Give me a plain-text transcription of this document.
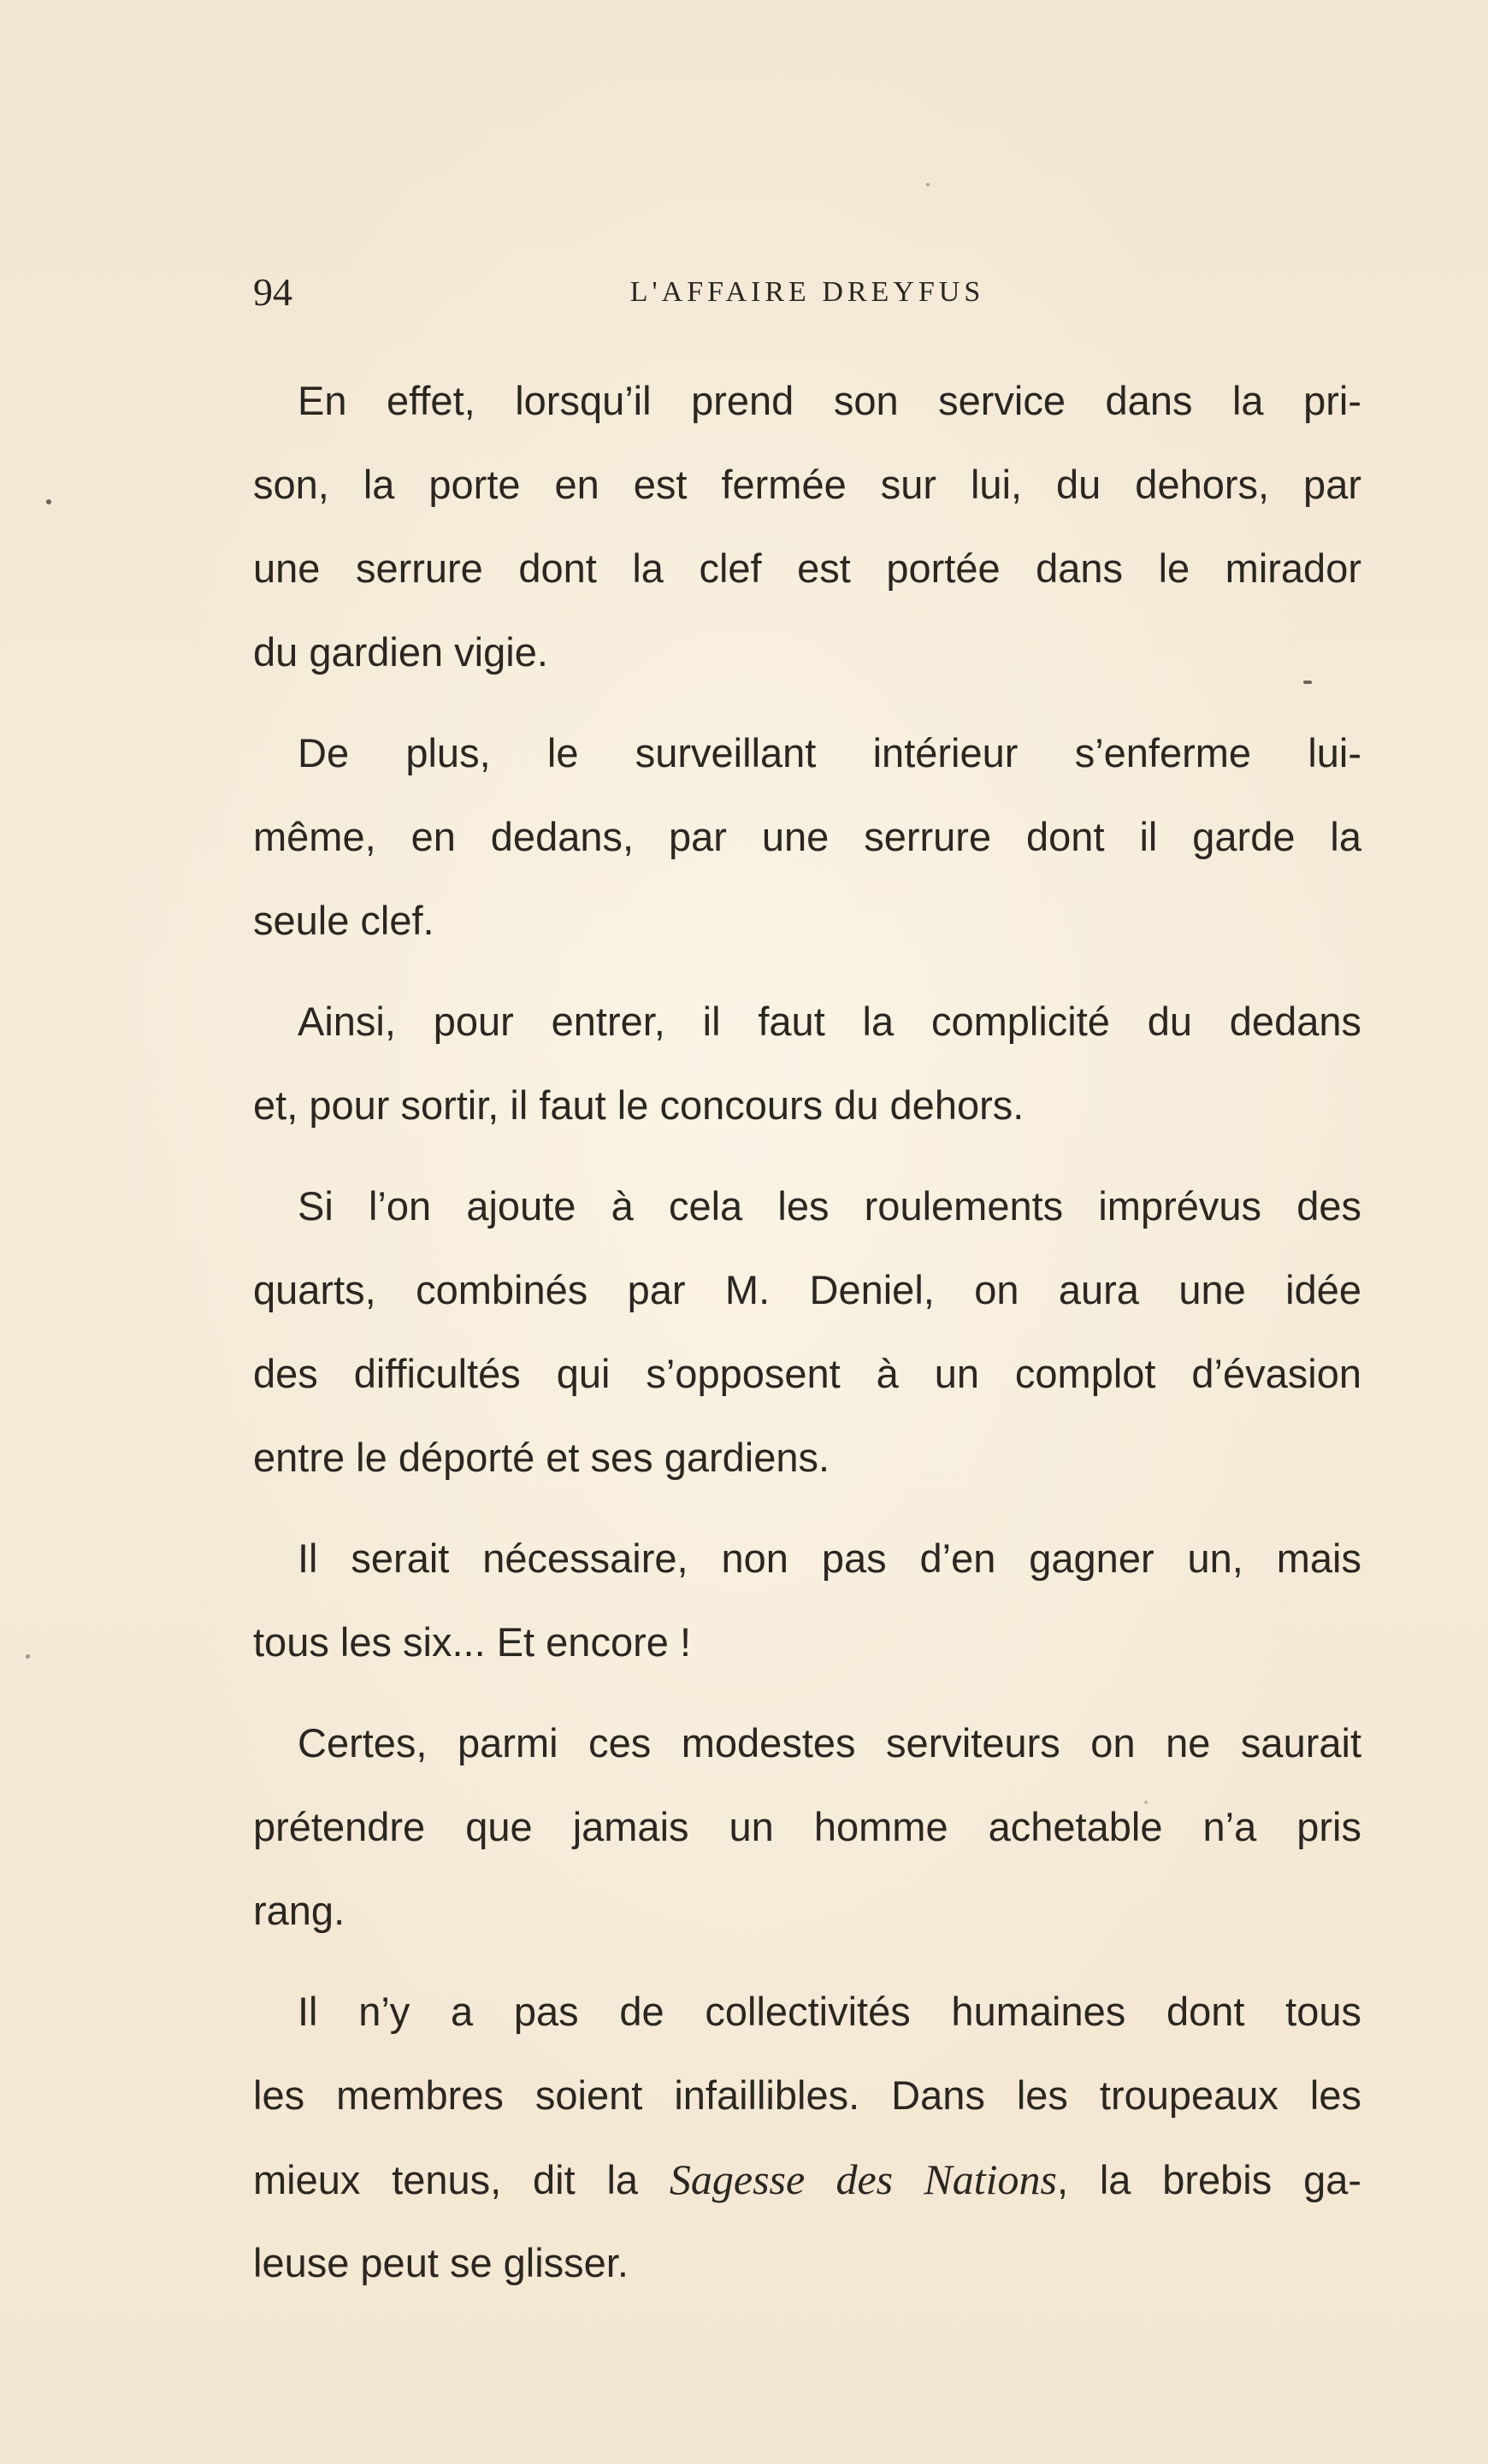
94	L'AFFAIRE DREYFUS
En effet, lorsqu’il prend son service dans la pri-
son, la porte en est fermée sur lui, du dehors, par
une serrure dont la clef est portée dans le mirador
du gardien vigie.
De plus, le surveillant intérieur s’enferme lui-
même, en dedans, par une serrure dont il garde la
seule clef.
Ainsi, pour entrer, il faut la complicité du dedans
et, pour sortir, il faut le concours du dehors.
Si l’on ajoute à cela les roulements imprévus des
quarts, combinés par M. Deniel, on aura une idée
des difficultés qui s’opposent à un complot d’évasion
entre le déporté et ses gardiens.
Il serait nécessaire, non pas d’en gagner un, mais
tous les six... Et encore !
Certes, parmi ces modestes serviteurs on ne saurait
prétendre que jamais un homme achetable n’a pris
rang.
Il n’y a pas de collectivités humaines dont tous
les membres soient infaillibles. Dans les troupeaux les
mieux tenus, dit la Sagesse des Nations, la brebis ga-
leuse peut se glisser.
